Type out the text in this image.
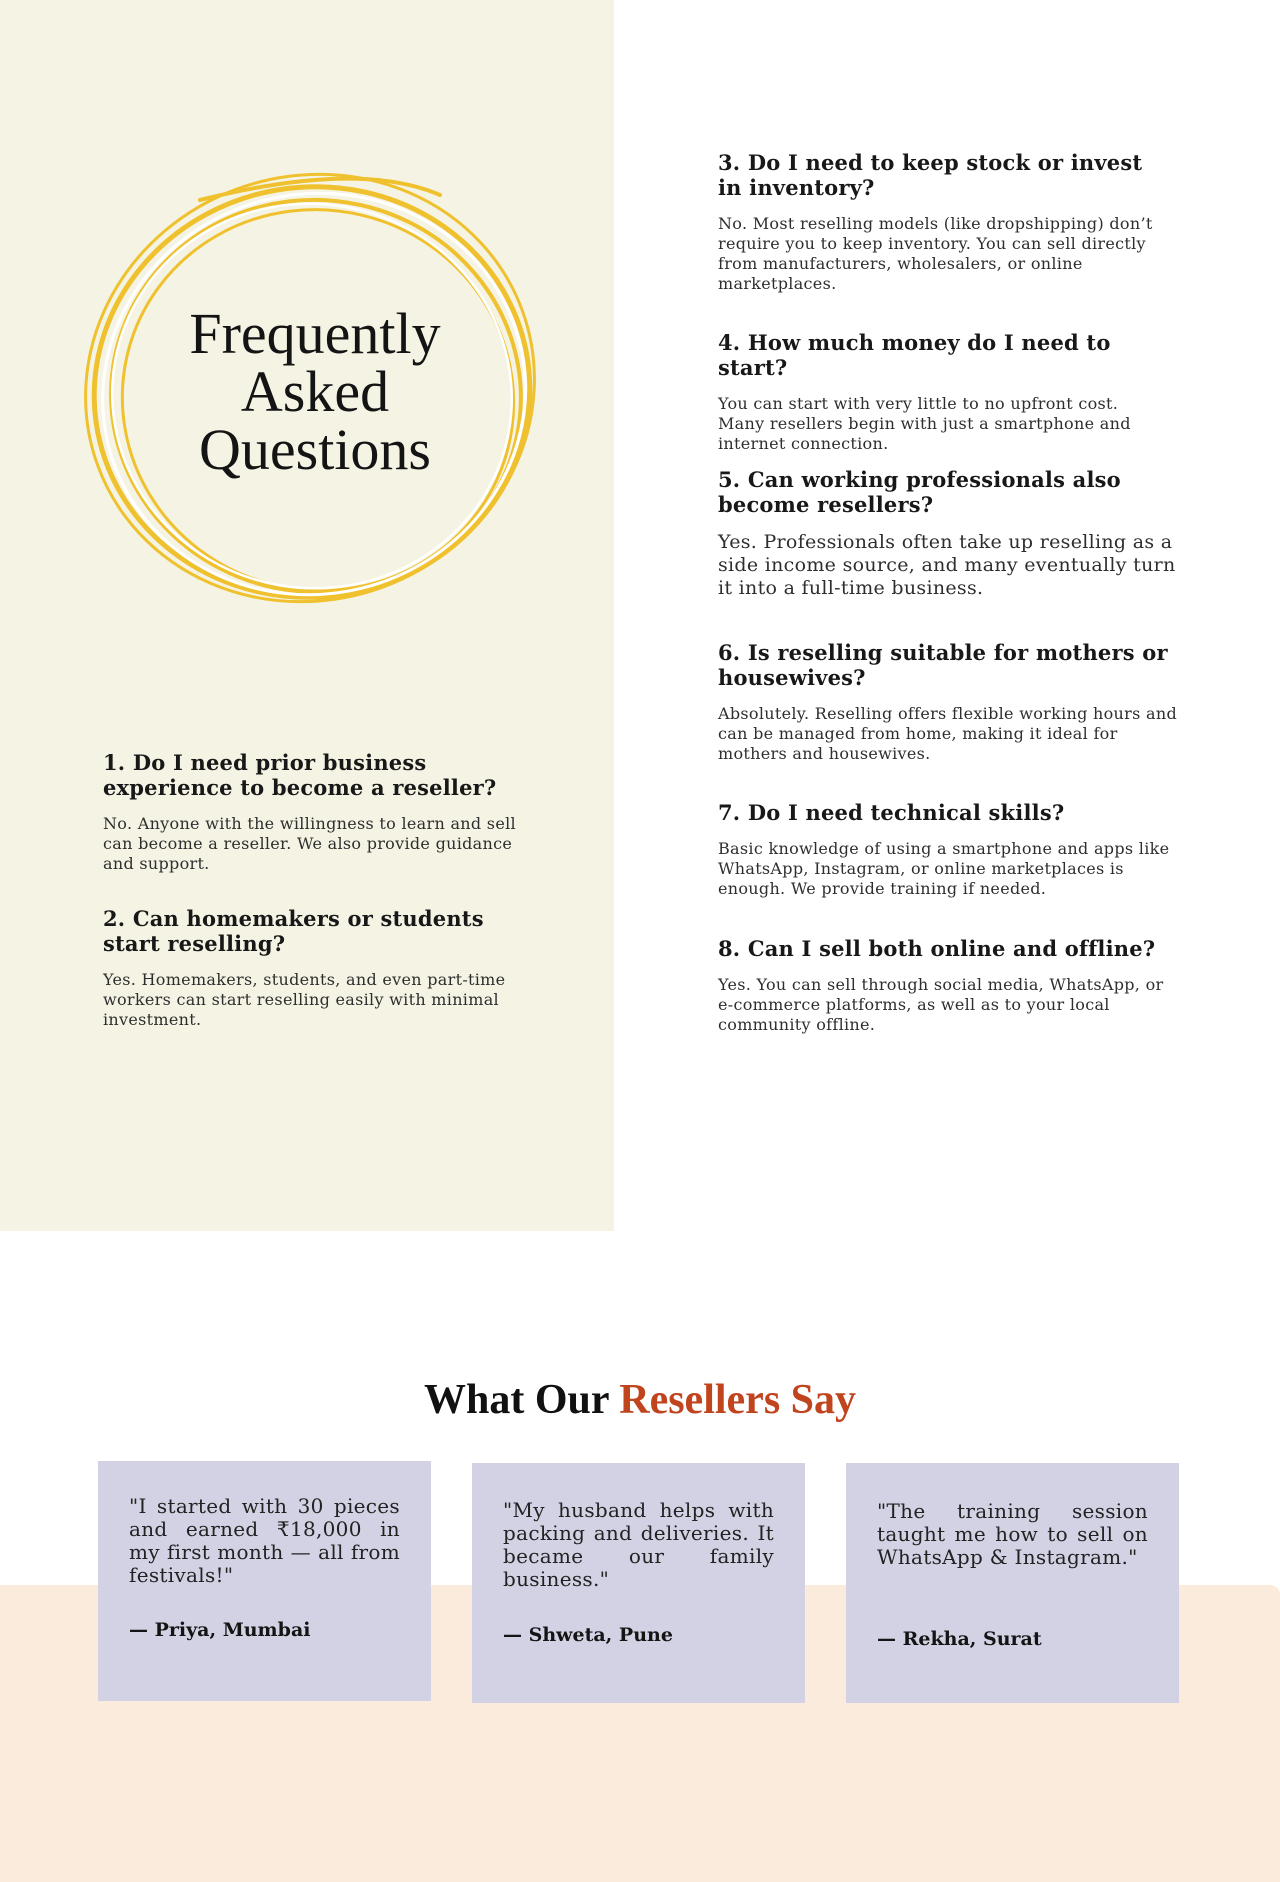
Frequently
Asked
Questions
1. Do I need prior business experience to become a reseller?

No. Anyone with the willingness to learn and sell can become a reseller. We also provide guidance and support.

2. Can homemakers or students start reselling?

Yes. Homemakers, students, and even part-time workers can start reselling easily with minimal investment.

3. Do I need to keep stock or invest in inventory?

No. Most reselling models (like dropshipping) don’t require you to keep inventory. You can sell directly from manufacturers, wholesalers, or online marketplaces.

4. How much money do I need to start?

You can start with very little to no upfront cost. Many resellers begin with just a smartphone and internet connection.

5. Can working professionals also become resellers?

Yes. Professionals often take up reselling as a side income source, and many eventually turn it into a full-time business.

6. Is reselling suitable for mothers or housewives?

Absolutely. Reselling offers flexible working hours and can be managed from home, making it ideal for mothers and housewives.

7. Do I need technical skills?

Basic knowledge of using a smartphone and apps like WhatsApp, Instagram, or online marketplaces is enough. We provide training if needed.

8. Can I sell both online and offline?

Yes. You can sell through social media, WhatsApp, or e-commerce platforms, as well as to your local community offline.

What Our Resellers Say

"I started with 30 pieces and earned ₹18,000 in my first month — all from festivals!"

— Priya, Mumbai

"My husband helps with packing and deliveries. It became our family business."

— Shweta, Pune

"The training session taught me how to sell on WhatsApp & Instagram."

— Rekha, Surat
